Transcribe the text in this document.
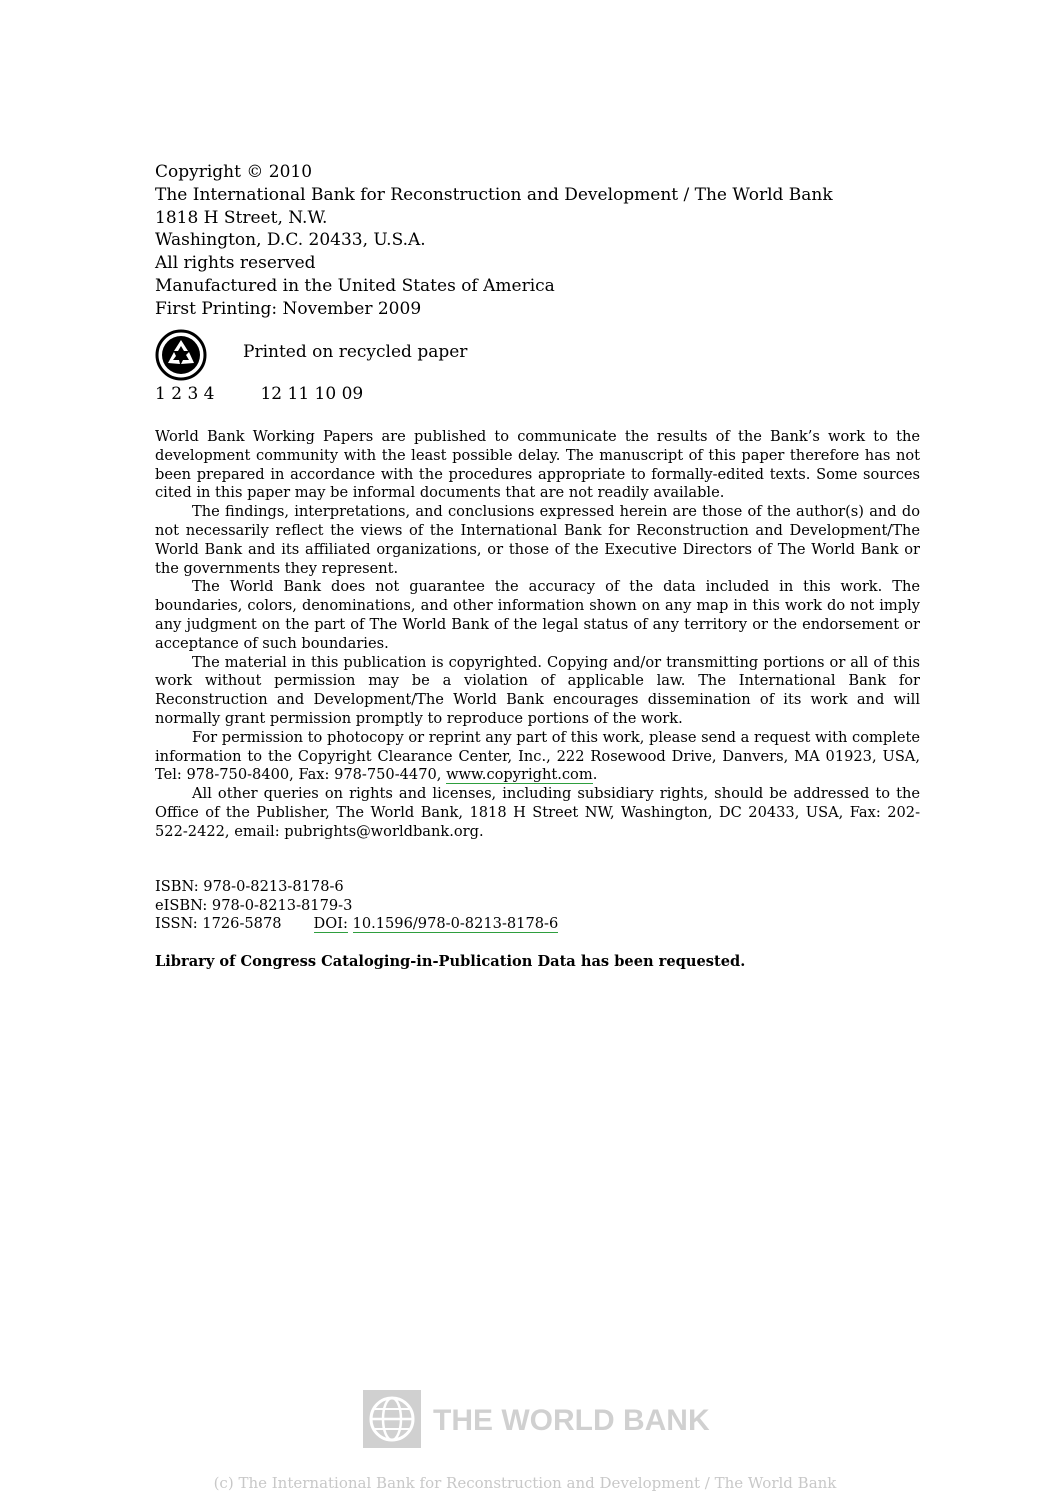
Copyright © 2010
The International Bank for Reconstruction and Development / The World Bank
1818 H Street, N.W.
Washington, D.C. 20433, U.S.A.
All rights reserved
Manufactured in the United States of America
First Printing: November 2009
Printed on recycled paper
1 2 3 4	12 11 10 09

World Bank Working Papers are published to communicate the results of the Bank’s work to the development community with the least possible delay. The manuscript of this paper therefore has not been prepared in accordance with the procedures appropriate to formally-edited texts. Some sources cited in this paper may be informal documents that are not readily available.

The findings, interpretations, and conclusions expressed herein are those of the author(s) and do not necessarily reflect the views of the International Bank for Reconstruction and Development/The World Bank and its affiliated organizations, or those of the Executive Directors of The World Bank or the governments they represent.

The World Bank does not guarantee the accuracy of the data included in this work. The boundaries, colors, denominations, and other information shown on any map in this work do not imply any judgment on the part of The World Bank of the legal status of any territory or the endorsement or acceptance of such boundaries.

The material in this publication is copyrighted. Copying and/or transmitting portions or all of this work without permission may be a violation of applicable law. The International Bank for Reconstruction and Development/The World Bank encourages dissemination of its work and will normally grant permission promptly to reproduce portions of the work.

For permission to photocopy or reprint any part of this work, please send a request with complete information to the Copyright Clearance Center, Inc., 222 Rosewood Drive, Danvers, MA 01923, USA, Tel: 978-750-8400, Fax: 978-750-4470, www.copyright.com.

All other queries on rights and licenses, including subsidiary rights, should be addressed to the Office of the Publisher, The World Bank, 1818 H Street NW, Washington, DC 20433, USA, Fax: 202-522-2422, email: pubrights@worldbank.org.

ISBN: 978-0-8213-8178-6
eISBN: 978-0-8213-8179-3
ISSN: 1726-5878 DOI: 10.1596/978-0-8213-8178-6
Library of Congress Cataloging-in-Publication Data has been requested.
THE WORLD BANK
(c) The International Bank for Reconstruction and Development / The World Bank
